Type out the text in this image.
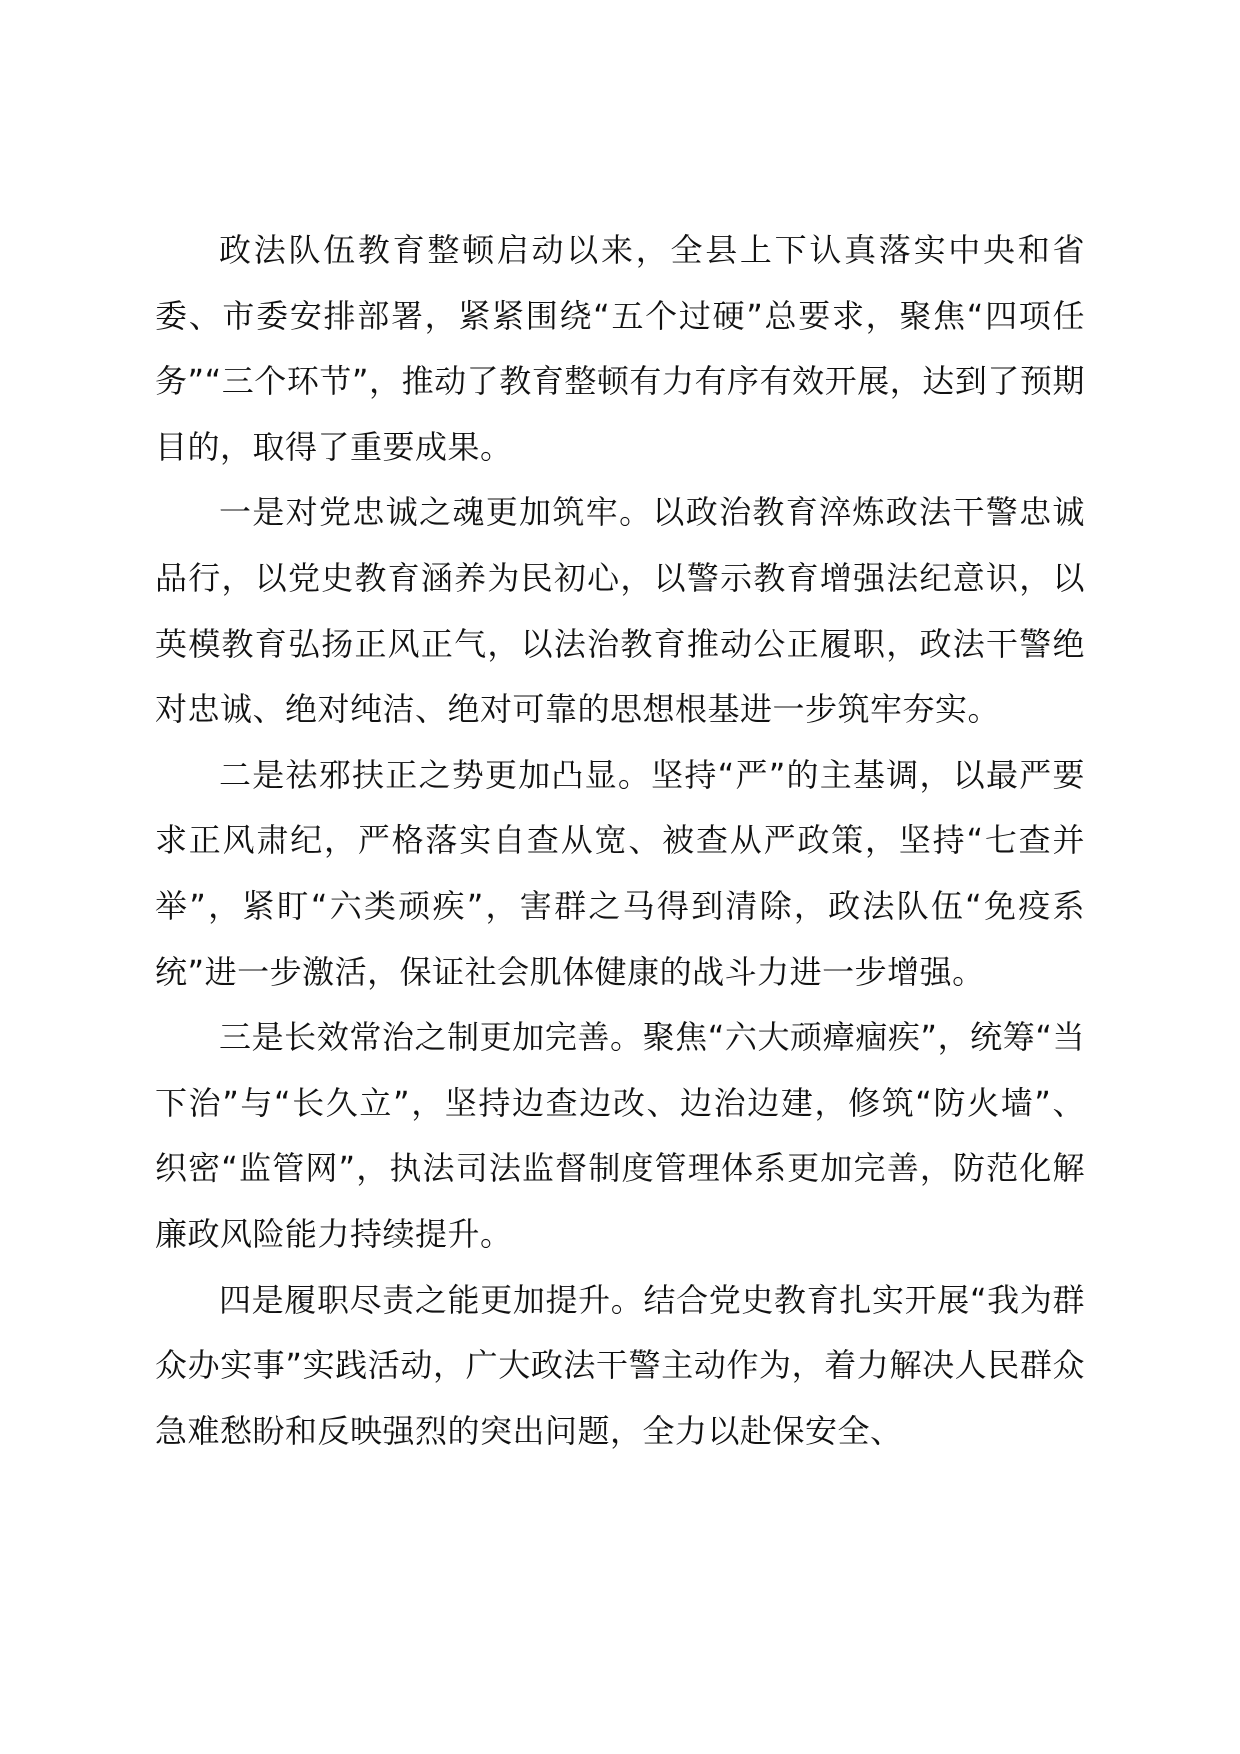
政法队伍教育整顿启动以来，全县上下认真落实中央和省委、市委安排部署，紧紧围绕“五个过硬”总要求，聚焦“四项任务”“三个环节”，推动了教育整顿有力有序有效开展，达到了预期目的，取得了重要成果。

一是对党忠诚之魂更加筑牢。以政治教育淬炼政法干警忠诚品行，以党史教育涵养为民初心，以警示教育增强法纪意识，以英模教育弘扬正风正气，以法治教育推动公正履职，政法干警绝对忠诚、绝对纯洁、绝对可靠的思想根基进一步筑牢夯实。

二是祛邪扶正之势更加凸显。坚持“严”的主基调，以最严要求正风肃纪，严格落实自查从宽、被查从严政策，坚持“七查并举”，紧盯“六类顽疾”，害群之马得到清除，政法队伍“免疫系统”进一步激活，保证社会肌体健康的战斗力进一步增强。

三是长效常治之制更加完善。聚焦“六大顽瘴痼疾”，统筹“当下治”与“长久立”，坚持边查边改、边治边建，修筑“防火墙”、织密“监管网”，执法司法监督制度管理体系更加完善，防范化解廉政风险能力持续提升。

四是履职尽责之能更加提升。结合党史教育扎实开展“我为群众办实事”实践活动，广大政法干警主动作为，着力解决人民群众急难愁盼和反映强烈的突出问题，全力以赴保安全、
